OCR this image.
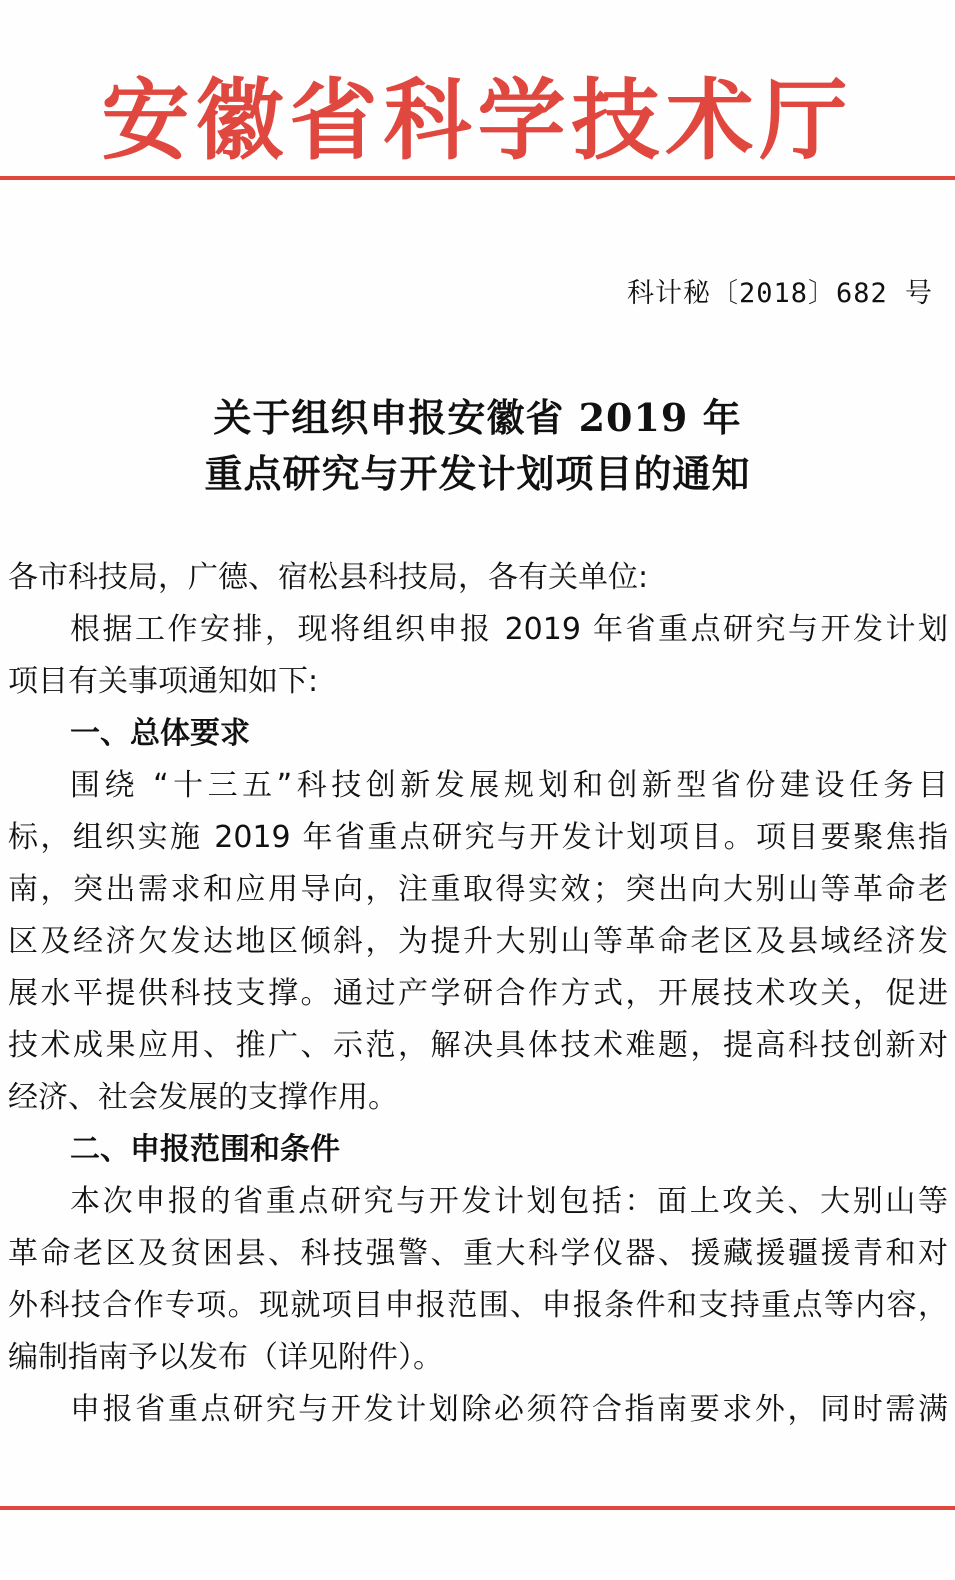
安徽省科学技术厅
科计秘〔2018〕682 号
关于组织申报安徽省 2019 年
重点研究与开发计划项目的通知
各市科技局，广德、宿松县科技局，各有关单位:
根据工作安排，现将组织申报 2019 年省重点研究与开发计划
项目有关事项通知如下:
一、总体要求
围绕 “十三五”科技创新发展规划和创新型省份建设任务目
标，组织实施 2019 年省重点研究与开发计划项目。项目要聚焦指
南，突出需求和应用导向，注重取得实效；突出向大别山等革命老
区及经济欠发达地区倾斜，为提升大别山等革命老区及县域经济发
展水平提供科技支撑。通过产学研合作方式，开展技术攻关，促进
技术成果应用、推广、示范，解决具体技术难题，提高科技创新对
经济、社会发展的支撑作用。
二、申报范围和条件
本次申报的省重点研究与开发计划包括：面上攻关、大别山等
革命老区及贫困县、科技强警、重大科学仪器、援藏援疆援青和对
外科技合作专项。现就项目申报范围、申报条件和支持重点等内容，
编制指南予以发布（详见附件）。
申报省重点研究与开发计划除必须符合指南要求外，同时需满
